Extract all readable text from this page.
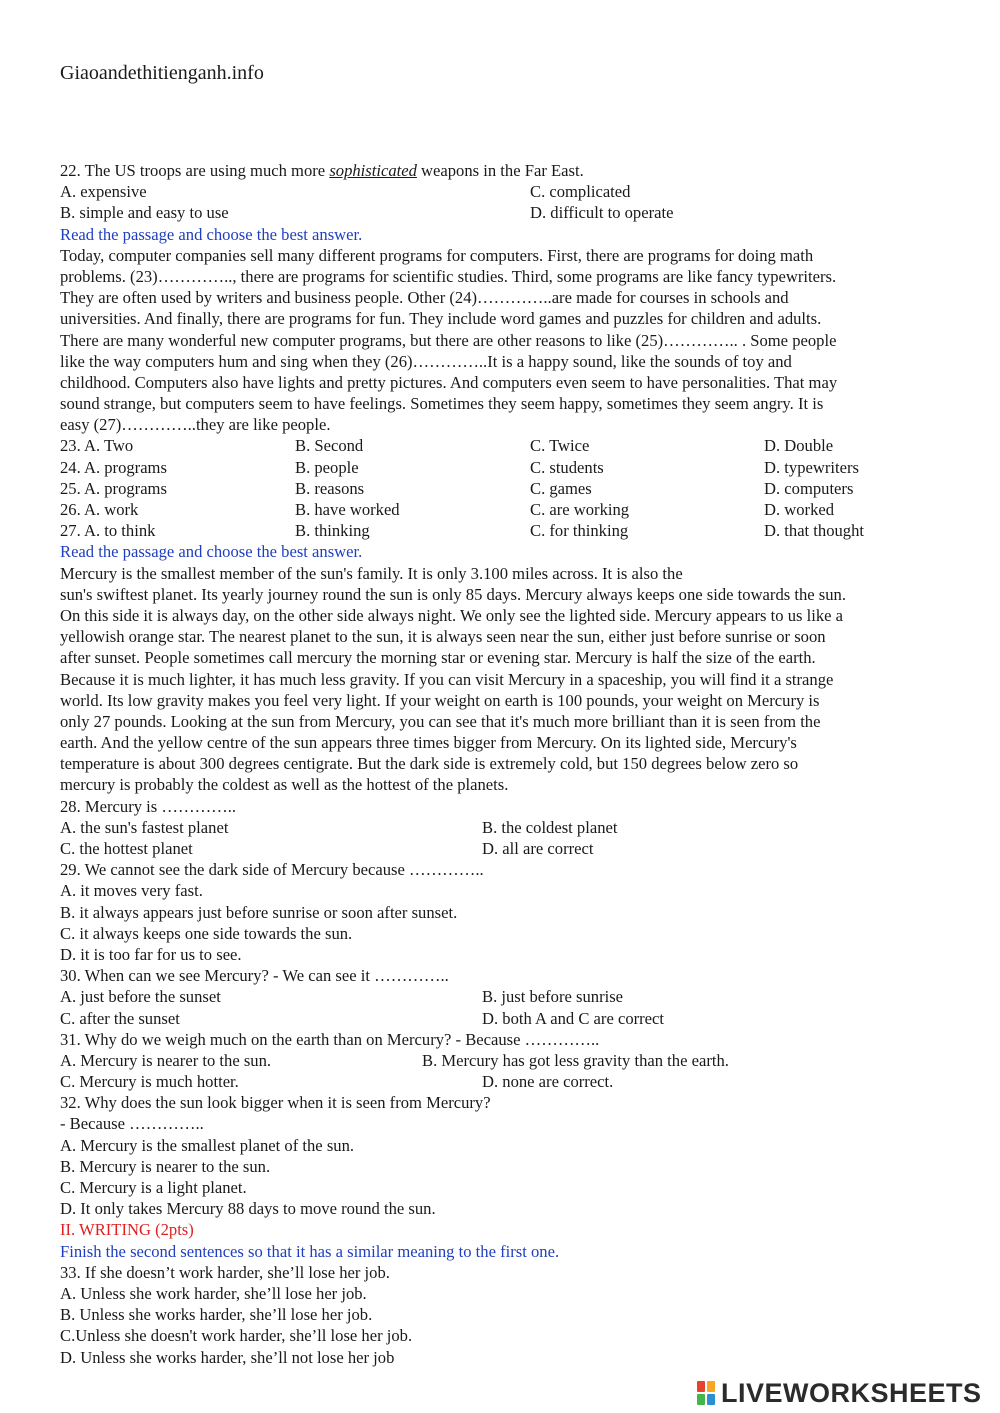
Giaoandethitienganh.info
22. The US troops are using much more sophisticated weapons in the Far East.
A. expensive	C. complicated
B. simple and easy to use	D. difficult to operate
Read the passage and choose the best answer.
Today, computer companies sell many different programs for computers. First, there are programs for doing math
problems. (23)………….., there are programs for scientific studies. Third, some programs are like fancy typewriters.
They are often used by writers and business people. Other (24)…………..are made for courses in schools and
universities. And finally, there are programs for fun. They include word games and puzzles for children and adults.
There are many wonderful new computer programs, but there are other reasons to like (25)………….. . Some people
like the way computers hum and sing when they (26)…………..It is a happy sound, like the sounds of toy and
childhood. Computers also have lights and pretty pictures. And computers even seem to have personalities. That may
sound strange, but computers seem to have feelings. Sometimes they seem happy, sometimes they seem angry. It is
easy (27)…………..they are like people.
23. A. Two	B. Second	C. Twice	D. Double
24. A. programs	B. people	C. students	D. typewriters
25. A. programs	B. reasons	C. games	D. computers
26. A. work	B. have worked	C. are working	D. worked
27. A. to think	B. thinking	C. for thinking	D. that thought
Read the passage and choose the best answer.
Mercury is the smallest member of the sun's family. It is only 3.100 miles across. It is also the
sun's swiftest planet. Its yearly journey round the sun is only 85 days. Mercury always keeps one side towards the sun.
On this side it is always day, on the other side always night. We only see the lighted side. Mercury appears to us like a
yellowish orange star. The nearest planet to the sun, it is always seen near the sun, either just before sunrise or soon
after sunset. People sometimes call mercury the morning star or evening star. Mercury is half the size of the earth.
Because it is much lighter, it has much less gravity. If you can visit Mercury in a spaceship, you will find it a strange
world. Its low gravity makes you feel very light. If your weight on earth is 100 pounds, your weight on Mercury is
only 27 pounds. Looking at the sun from Mercury, you can see that it's much more brilliant than it is seen from the
earth. And the yellow centre of the sun appears three times bigger from Mercury. On its lighted side, Mercury's
temperature is about 300 degrees centigrate. But the dark side is extremely cold, but 150 degrees below zero so
mercury is probably the coldest as well as the hottest of the planets.
28. Mercury is …………..
A. the sun's fastest planet	B. the coldest planet
C. the hottest planet	D. all are correct
29. We cannot see the dark side of Mercury because …………..
A. it moves very fast.
B. it always appears just before sunrise or soon after sunset.
C. it always keeps one side towards the sun.
D. it is too far for us to see.
30. When can we see Mercury? - We can see it …………..
A. just before the sunset	B. just before sunrise
C. after the sunset	D. both A and C are correct
31. Why do we weigh much on the earth than on Mercury? - Because …………..
A. Mercury is nearer to the sun.	B. Mercury has got less gravity than the earth.
C. Mercury is much hotter.	D. none are correct.
32. Why does the sun look bigger when it is seen from Mercury?
- Because …………..
A. Mercury is the smallest planet of the sun.
B. Mercury is nearer to the sun.
C. Mercury is a light planet.
D. It only takes Mercury 88 days to move round the sun.
II. WRITING (2pts)
Finish the second sentences so that it has a similar meaning to the first one.
33. If she doesn’t work harder, she’ll lose her job.
A. Unless she work harder, she’ll lose her job.
B. Unless she works harder, she’ll lose her job.
C.Unless she doesn't work harder, she’ll lose her job.
D. Unless she works harder, she’ll not lose her job
LIVEWORKSHEETS
